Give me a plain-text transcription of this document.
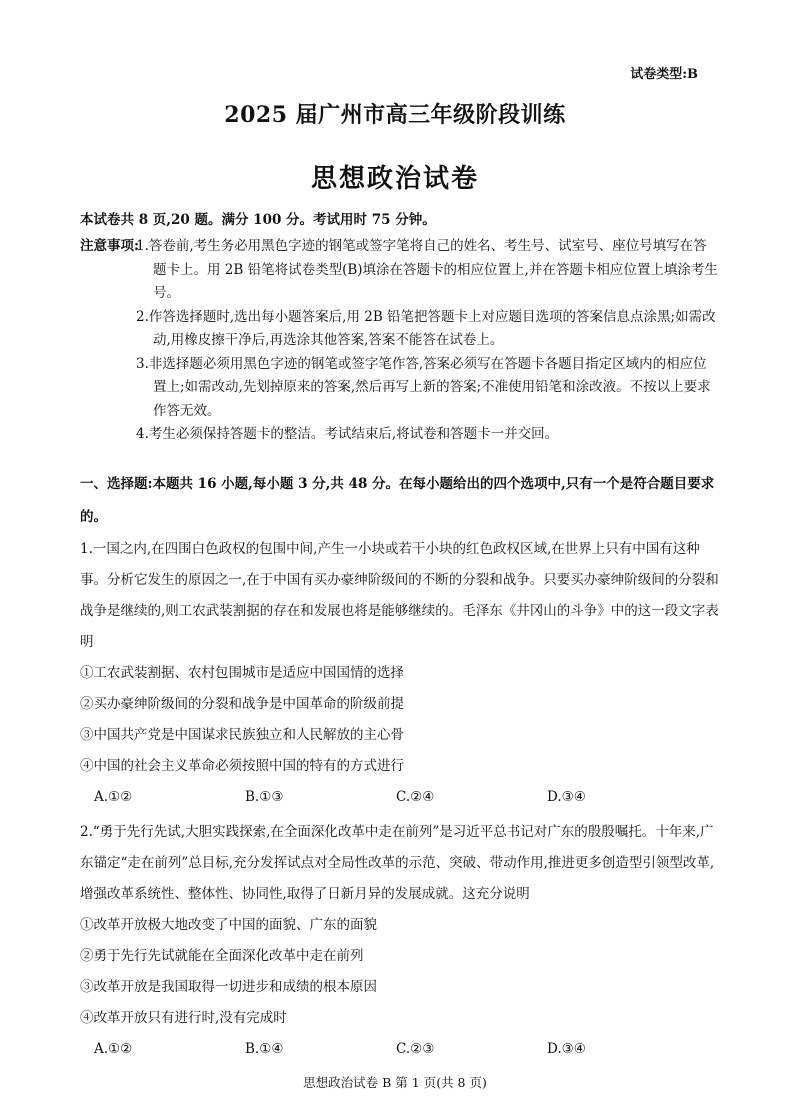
试卷类型:B
2025 届广州市高三年级阶段训练
思想政治试卷
本试卷共 8 页,20 题。满分 100 分。考试用时 75 分钟。
注意事项:

1.答卷前,考生务必用黑色字迹的钢笔或签字笔将自己的姓名、考生号、试室号、座位号填写在答题卡上。用 2B 铅笔将试卷类型(B)填涂在答题卡的相应位置上,并在答题卡相应位置上填涂考生号。

2.作答选择题时,选出每小题答案后,用 2B 铅笔把答题卡上对应题目选项的答案信息点涂黑;如需改动,用橡皮擦干净后,再选涂其他答案,答案不能答在试卷上。

3.非选择题必须用黑色字迹的钢笔或签字笔作答,答案必须写在答题卡各题目指定区域内的相应位置上;如需改动,先划掉原来的答案,然后再写上新的答案;不准使用铅笔和涂改液。不按以上要求作答无效。

4.考生必须保持答题卡的整洁。考试结束后,将试卷和答题卡一并交回。

一、选择题:本题共 16 小题,每小题 3 分,共 48 分。在每小题给出的四个选项中,只有一个是符合题目要求的。

1.一国之内,在四围白色政权的包围中间,产生一小块或若干小块的红色政权区域,在世界上只有中国有这种事。分析它发生的原因之一,在于中国有买办豪绅阶级间的不断的分裂和战争。只要买办豪绅阶级间的分裂和战争是继续的,则工农武装割据的存在和发展也将是能够继续的。毛泽东《井冈山的斗争》中的这一段文字表明

①工农武装割据、农村包围城市是适应中国国情的选择

②买办豪绅阶级间的分裂和战争是中国革命的阶级前提

③中国共产党是中国谋求民族独立和人民解放的主心骨

④中国的社会主义革命必须按照中国的特有的方式进行

A.①②	B.①③	C.②④	D.③④

2.“勇于先行先试,大胆实践探索,在全面深化改革中走在前列”是习近平总书记对广东的殷殷嘱托。十年来,广东锚定“走在前列”总目标,充分发挥试点对全局性改革的示范、突破、带动作用,推进更多创造型引领型改革,增强改革系统性、整体性、协同性,取得了日新月异的发展成就。这充分说明

①改革开放极大地改变了中国的面貌、广东的面貌

②勇于先行先试就能在全面深化改革中走在前列

③改革开放是我国取得一切进步和成绩的根本原因

④改革开放只有进行时,没有完成时

A.①②	B.①④	C.②③	D.③④
思想政治试卷 B 第 1 页(共 8 页)
